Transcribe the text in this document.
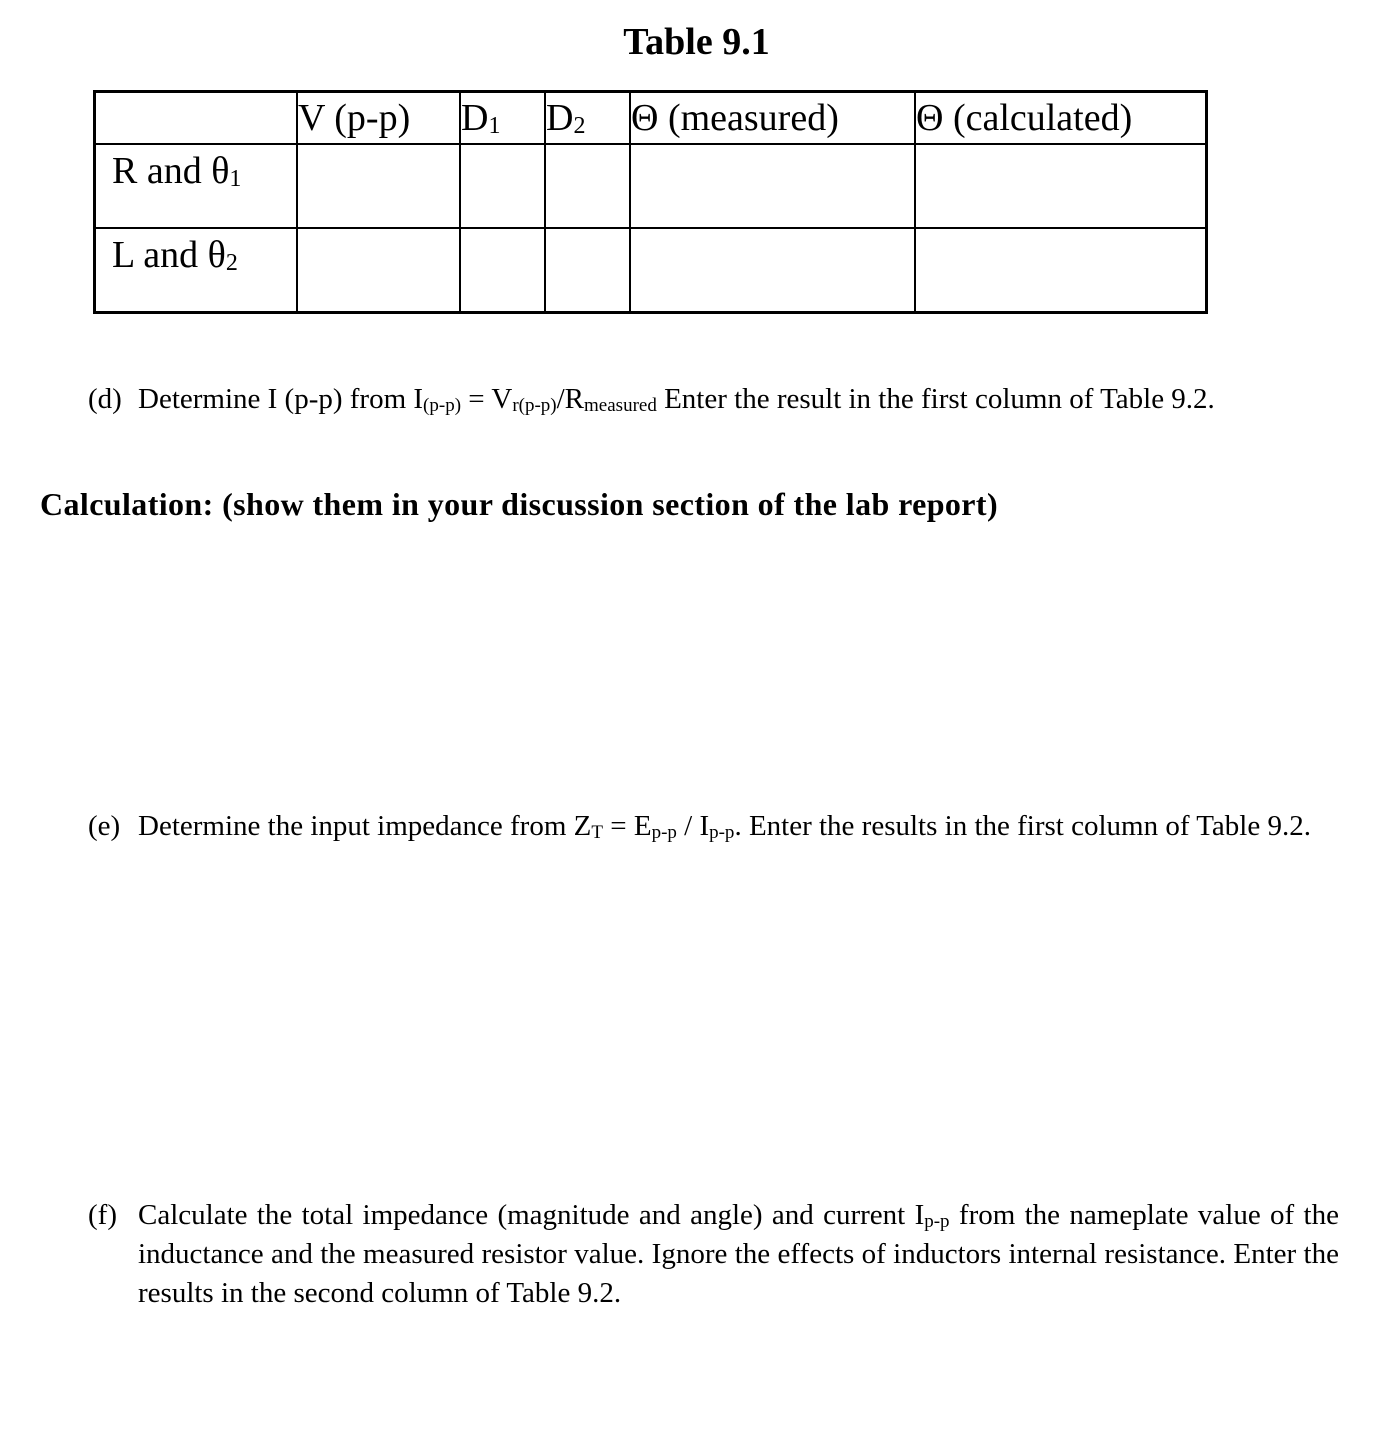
Table 9.1
	V (p-p)	$D_1$	$D_2$	Θ (measured)	Θ (calculated)
R and $\theta_1$					
L and $\theta_2$					
(d) Determine I (p-p) from $I_{(p-p)} = V_{r(p-p)}/R_{measured}$ Enter the result in the first column of Table 9.2.
Calculation: (show them in your discussion section of the lab report)
(e) Determine the input impedance from $Z_T = E_{p-p} / I_{p-p}$. Enter the results in the first column of Table 9.2.
(f) Calculate the total impedance (magnitude and angle) and current $I_{p-p}$ from the nameplate value of the inductance and the measured resistor value. Ignore the effects of inductors internal resistance. Enter the results in the second column of Table 9.2.
